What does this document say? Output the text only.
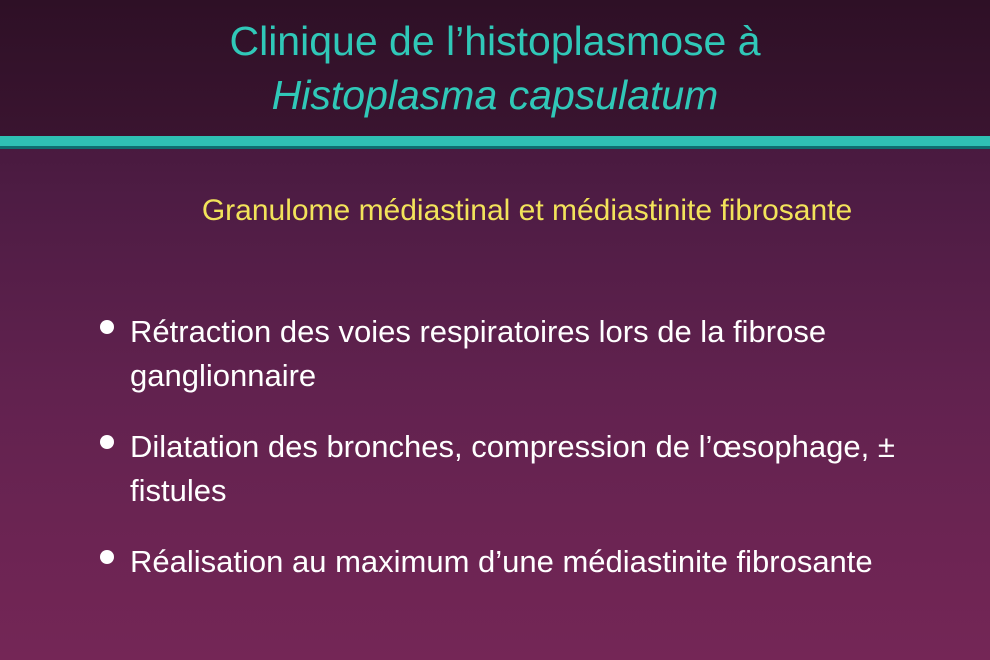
Clinique de l’histoplasmose à
Histoplasma capsulatum
Granulome médiastinal et médiastinite fibrosante
Rétraction des voies respiratoires lors de la fibrose ganglionnaire
Dilatation des bronches, compression de l’œsophage, ± fistules
Réalisation au maximum d’une médiastinite fibrosante
